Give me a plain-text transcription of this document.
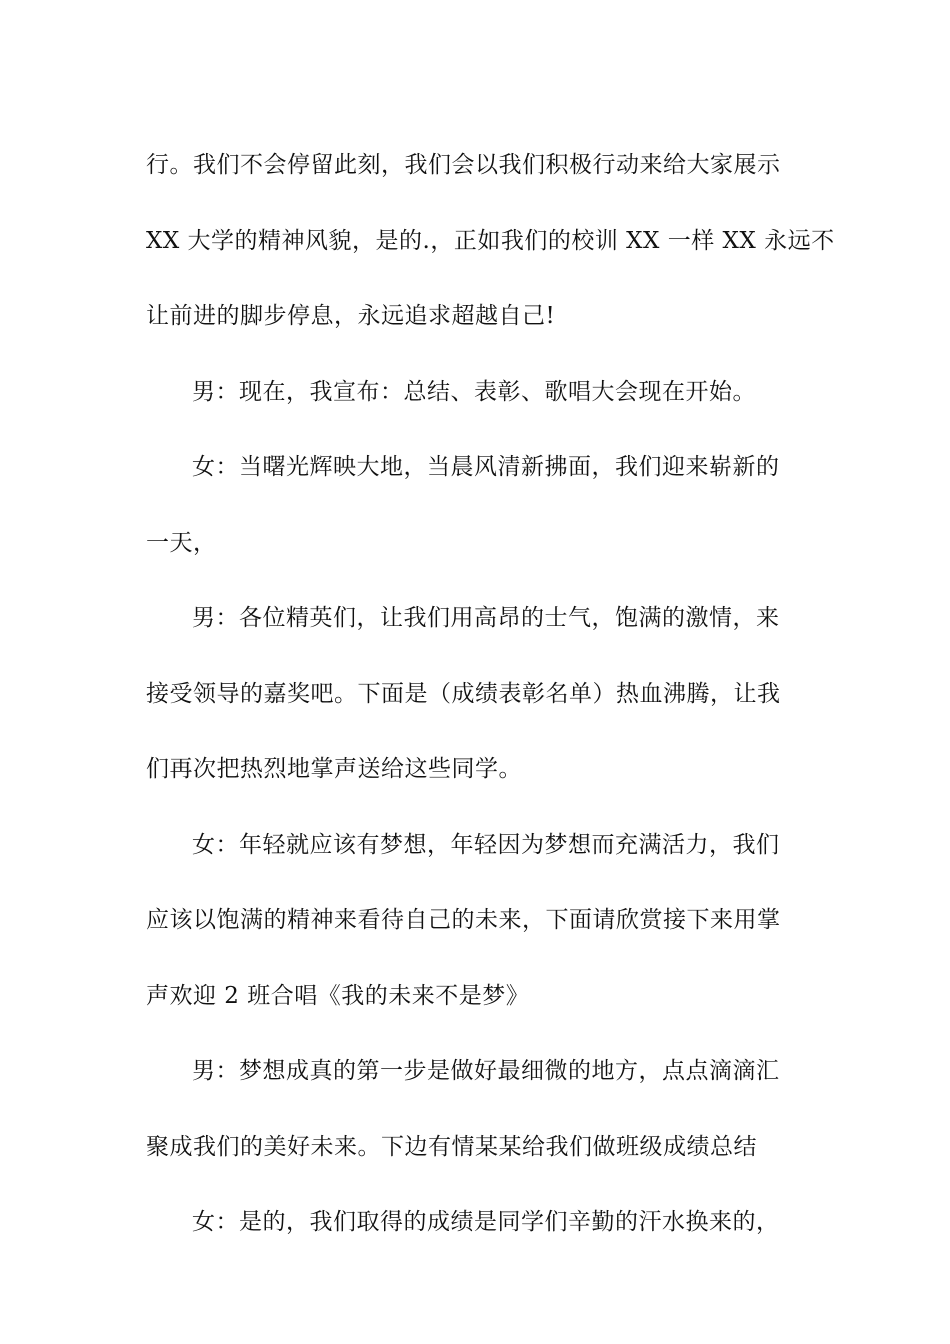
行。我们不会停留此刻，我们会以我们积极行动来给大家展示
XX 大学的精神风貌，是的.，正如我们的校训 XX 一样 XX 永远不
让前进的脚步停息，永远追求超越自己!
男：现在，我宣布：总结、表彰、歌唱大会现在开始。
女：当曙光辉映大地，当晨风清新拂面，我们迎来崭新的
一天，
男：各位精英们，让我们用高昂的士气，饱满的激情，来
接受领导的嘉奖吧。下面是（成绩表彰名单）热血沸腾，让我
们再次把热烈地掌声送给这些同学。
女：年轻就应该有梦想，年轻因为梦想而充满活力，我们
应该以饱满的精神来看待自己的未来，下面请欣赏接下来用掌
声欢迎 2 班合唱《我的未来不是梦》
男：梦想成真的第一步是做好最细微的地方，点点滴滴汇
聚成我们的美好未来。下边有情某某给我们做班级成绩总结
女：是的，我们取得的成绩是同学们辛勤的汗水换来的，
